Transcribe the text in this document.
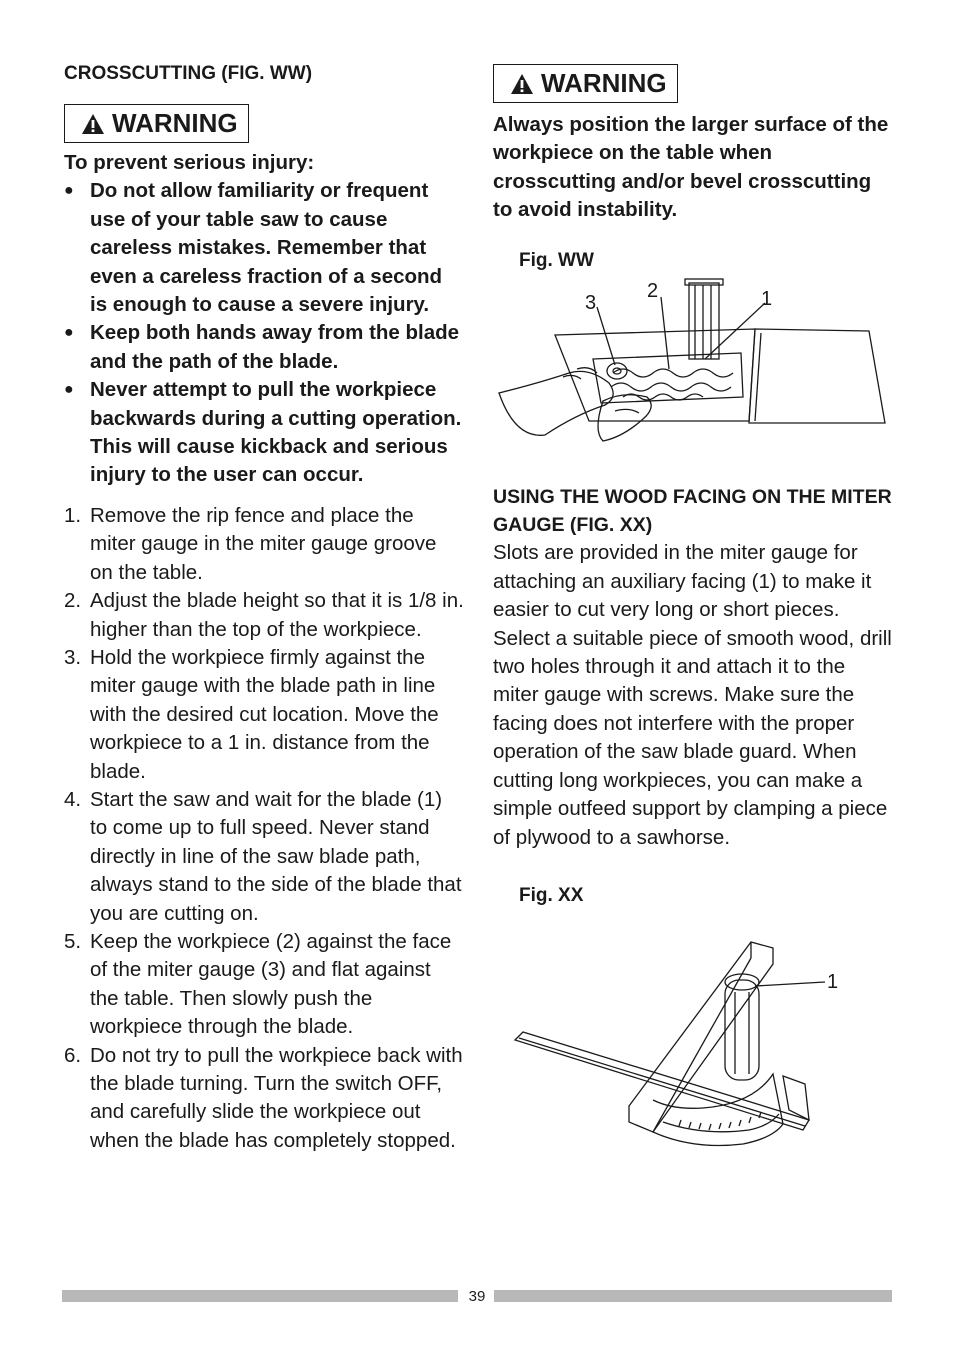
CROSSCUTTING (FIG. WW)

WARNING

To prevent serious injury:

● Do not allow familiarity or frequent use of your table saw to cause careless mistakes. Remember that even a careless fraction of a second is enough to cause a severe injury.
● Keep both hands away from the blade and the path of the blade.
● Never attempt to pull the workpiece backwards during a cutting operation. This will cause kickback and serious injury to the user can occur.
1. Remove the rip fence and place the miter gauge in the miter gauge groove on the table.
2. Adjust the blade height so that it is 1/8 in. higher than the top of the workpiece.
3. Hold the workpiece firmly against the miter gauge with the blade path in line with the desired cut location. Move the workpiece to a 1 in. distance from the blade.
4. Start the saw and wait for the blade (1) to come up to full speed. Never stand directly in line of the saw blade path, always stand to the side of the blade that you are cutting on.
5. Keep the workpiece (2) against the face of the miter gauge (3) and flat against the table. Then slowly push the workpiece through the blade.
6. Do not try to pull the workpiece back with the blade turning. Turn the switch OFF, and carefully slide the workpiece out when the blade has completely stopped.
WARNING

Always position the larger surface of the workpiece on the table when crosscutting and/or bevel crosscutting to avoid instability.

Fig. WW

2	1
3

USING THE WOOD FACING ON THE MITER GAUGE (FIG. XX)

Slots are provided in the miter gauge for attaching an auxiliary facing (1) to make it easier to cut very long or short pieces. Select a suitable piece of smooth wood, drill two holes through it and attach it to the miter gauge with screws. Make sure the facing does not interfere with the proper operation of the saw blade guard. When cutting long workpieces, you can make a simple outfeed support by clamping a piece of plywood to a sawhorse.

Fig. XX

1
39
